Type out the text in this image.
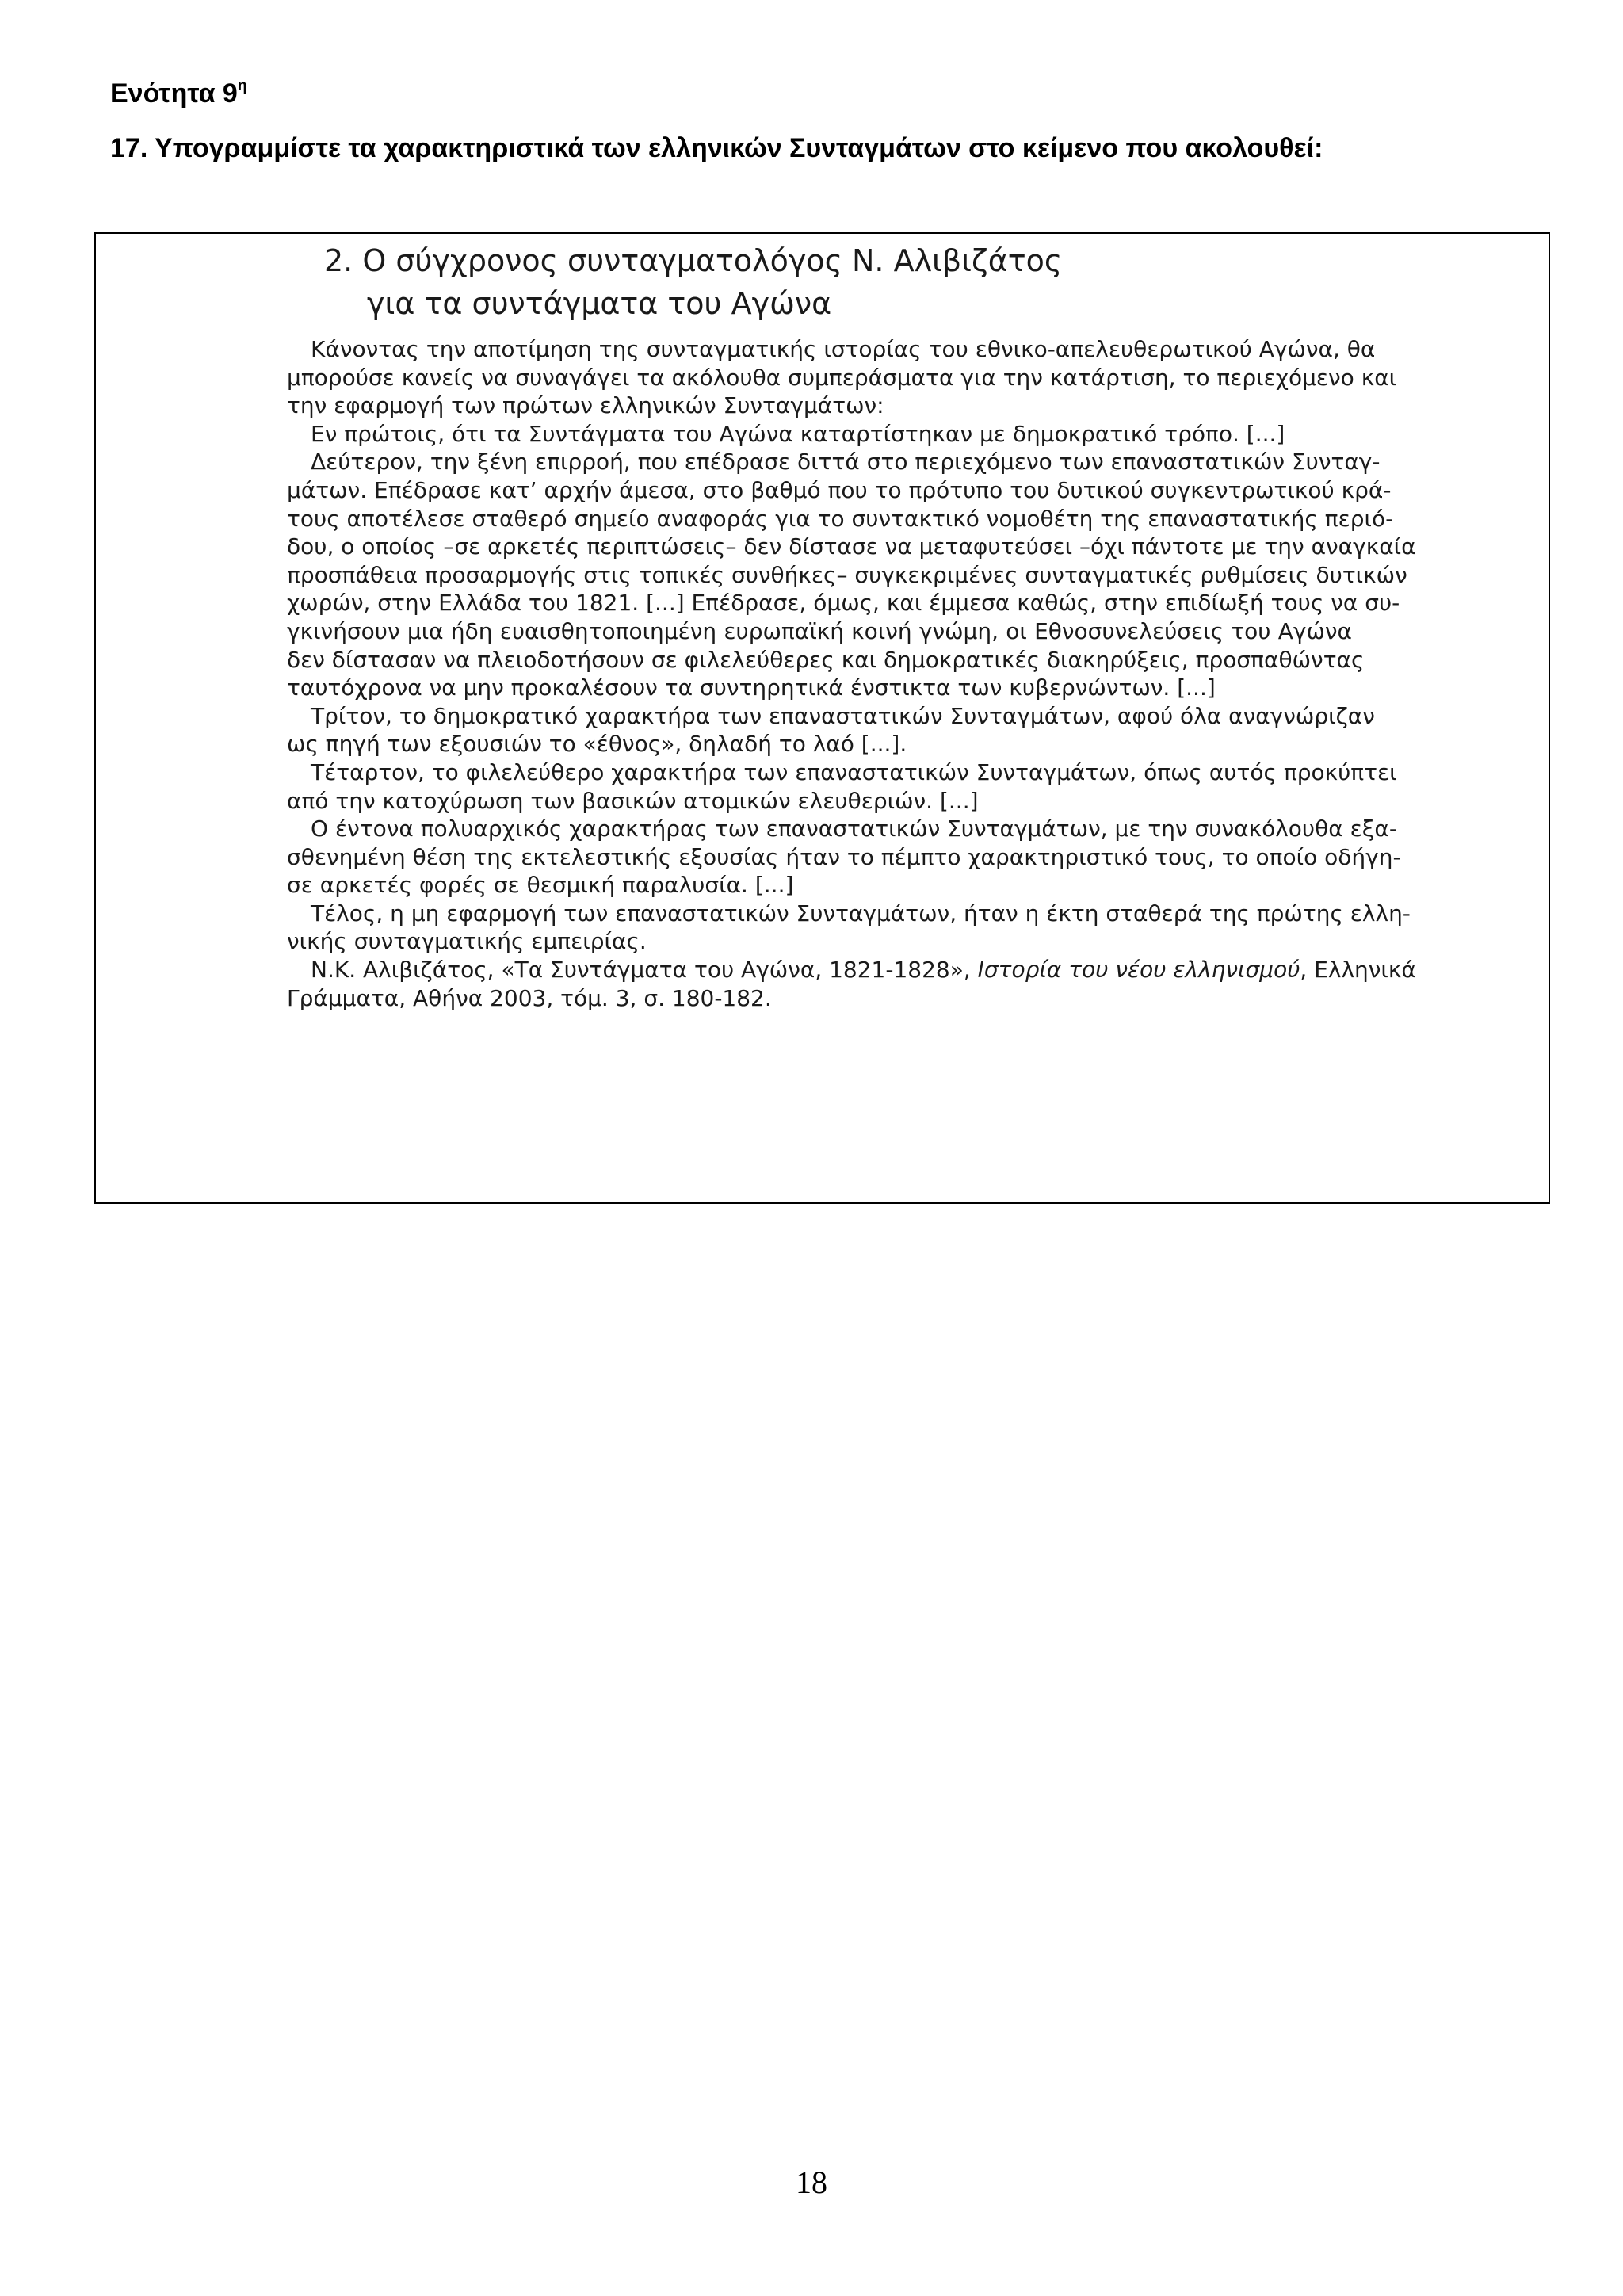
Ενότητα $9^\eta$
17. Υπογραμμίστε τα χαρακτηριστικά των ελληνικών Συνταγμάτων στο κείμενο που ακολουθεί:
2. Ο σύγχρονος συνταγματολόγος Ν. Αλιβιζάτος
για τα συντάγματα του Αγώνα
Κάνοντας την αποτίμηση της συνταγματικής ιστορίας του εθνικο-απελευθερωτικού Αγώνα, θα
μπορούσε κανείς να συναγάγει τα ακόλουθα συμπεράσματα για την κατάρτιση, το περιεχόμενο και
την εφαρμογή των πρώτων ελληνικών Συνταγμάτων:
Εν πρώτοις, ότι τα Συντάγματα του Αγώνα καταρτίστηκαν με δημοκρατικό τρόπο. [...]
Δεύτερον, την ξένη επιρροή, που επέδρασε διττά στο περιεχόμενο των επαναστατικών Συνταγ-
μάτων. Επέδρασε κατ’ αρχήν άμεσα, στο βαθμό που το πρότυπο του δυτικού συγκεντρωτικού κρά-
τους αποτέλεσε σταθερό σημείο αναφοράς για το συντακτικό νομοθέτη της επαναστατικής περιό-
δου, ο οποίος –σε αρκετές περιπτώσεις– δεν δίστασε να μεταφυτεύσει –όχι πάντοτε με την αναγκαία
προσπάθεια προσαρμογής στις τοπικές συνθήκες– συγκεκριμένες συνταγματικές ρυθμίσεις δυτικών
χωρών, στην Ελλάδα του 1821. [...] Επέδρασε, όμως, και έμμεσα καθώς, στην επιδίωξή τους να συ-
γκινήσουν μια ήδη ευαισθητοποιημένη ευρωπαϊκή κοινή γνώμη, οι Εθνοσυνελεύσεις του Αγώνα
δεν δίστασαν να πλειοδοτήσουν σε φιλελεύθερες και δημοκρατικές διακηρύξεις, προσπαθώντας
ταυτόχρονα να μην προκαλέσουν τα συντηρητικά ένστικτα των κυβερνώντων. [...]
Τρίτον, το δημοκρατικό χαρακτήρα των επαναστατικών Συνταγμάτων, αφού όλα αναγνώριζαν
ως πηγή των εξουσιών το «έθνος», δηλαδή το λαό [...].
Τέταρτον, το φιλελεύθερο χαρακτήρα των επαναστατικών Συνταγμάτων, όπως αυτός προκύπτει
από την κατοχύρωση των βασικών ατομικών ελευθεριών. [...]
Ο έντονα πολυαρχικός χαρακτήρας των επαναστατικών Συνταγμάτων, με την συνακόλουθα εξα-
σθενημένη θέση της εκτελεστικής εξουσίας ήταν το πέμπτο χαρακτηριστικό τους, το οποίο οδήγη-
σε αρκετές φορές σε θεσμική παραλυσία. [...]
Τέλος, η μη εφαρμογή των επαναστατικών Συνταγμάτων, ήταν η έκτη σταθερά της πρώτης ελλη-
νικής συνταγματικής εμπειρίας.
Ν.Κ. Αλιβιζάτος, «Τα Συντάγματα του Αγώνα, 1821-1828», Ιστορία του νέου ελληνισμού, Ελληνικά
Γράμματα, Αθήνα 2003, τόμ. 3, σ. 180-182.
18
